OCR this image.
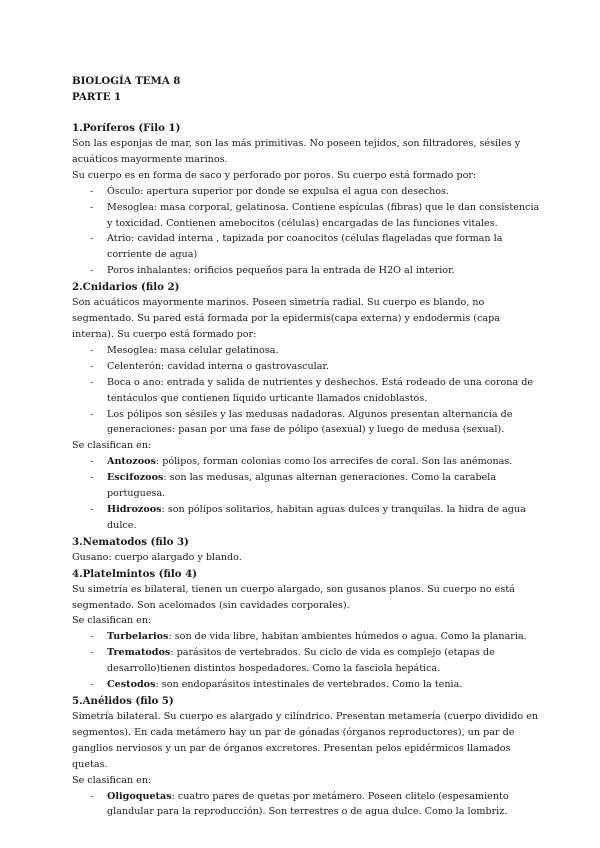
BIOLOGÍA TEMA 8
PARTE 1
1.Poríferos (Filo 1)

Son las esponjas de mar, son las más primitivas. No poseen tejidos, son filtradores, sésiles y acuáticos mayormente marinos.

Su cuerpo es en forma de saco y perforado por poros. Su cuerpo está formado por:

- Ósculo: apertura superior por donde se expulsa el agua con desechos.
- Mesoglea: masa corporal, gelatinosa. Contiene espículas (fibras) que le dan consistencia y toxicidad. Contienen amebocitos (células) encargadas de las funciones vitales.
- Atrio: cavidad interna , tapizada por coanocitos (células flageladas que forman la corriente de agua)
- Poros inhalantes: orificios pequeños para la entrada de H2O al interior.
2.Cnidarios (filo 2)

Son acuáticos mayormente marinos. Poseen simetría radial. Su cuerpo es blando, no segmentado. Su pared está formada por la epidermis(capa externa) y endodermis (capa interna). Su cuerpo está formado por:

- Mesoglea: masa celular gelatinosa.
- Celenterón: cavidad interna o gastrovascular.
- Boca o ano: entrada y salida de nutrientes y deshechos. Está rodeado de una corona de tentáculos que contienen líquido urticante llamados cnidoblastos.
- Los pólipos son sésiles y las medusas nadadoras. Algunos presentan alternancia de generaciones: pasan por una fase de pólipo (asexual) y luego de medusa (sexual).

Se clasifican en:

- Antozoos: pólipos, forman colonias como los arrecifes de coral. Son las anémonas.
- Escifozoos: son las medusas, algunas alternan generaciones. Como la carabela portuguesa.
- Hidrozoos: son pólipos solitarios, habitan aguas dulces y tranquilas. la hidra de agua dulce.
3.Nematodos (filo 3)

Gusano: cuerpo alargado y blando.

4.Platelmintos (filo 4)

Su simetría es bilateral, tienen un cuerpo alargado, son gusanos planos. Su cuerpo no está segmentado. Son acelomados (sin cavidades corporales).

Se clasifican en:

- Turbelarios: son de vida libre, habitan ambientes húmedos o agua. Como la planaria.
- Trematodos: parásitos de vertebrados. Su ciclo de vida es complejo (etapas de desarrollo)tienen distintos hospedadores. Como la fasciola hepática.
- Cestodos: son endoparásitos intestinales de vertebrados. Como la tenia.
5.Anélidos (filo 5)

Simetría bilateral. Su cuerpo es alargado y cilíndrico. Presentan metamería (cuerpo dividido en segmentos). En cada metámero hay un par de gónadas (órganos reproductores), un par de ganglios nerviosos y un par de órganos excretores. Presentan pelos epidérmicos llamados quetas.

Se clasifican en:

- Oligoquetas: cuatro pares de quetas por metámero. Poseen clitelo (espesamiento glandular para la reproducción). Son terrestres o de agua dulce. Como la lombriz.
